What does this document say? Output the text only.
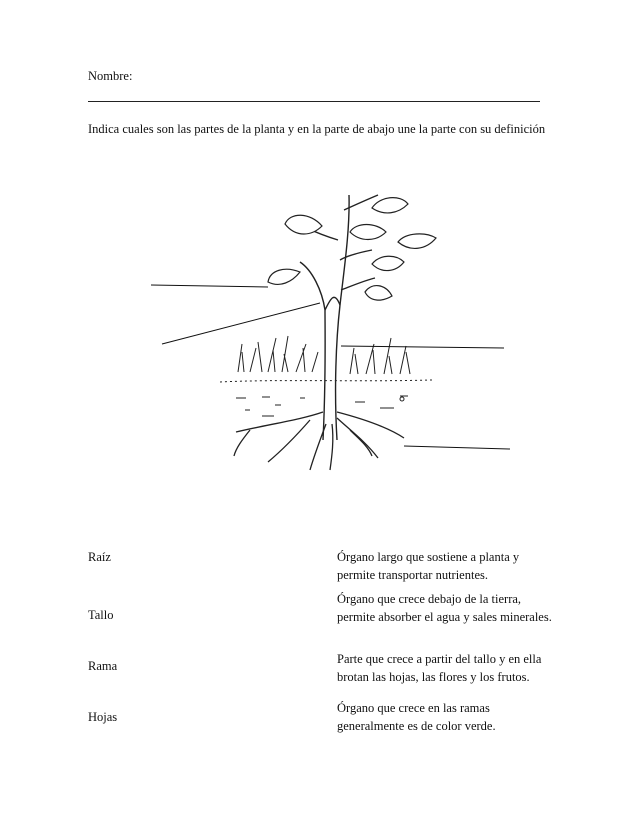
Nombre:
Indica cuales son las partes de la planta y en la parte de abajo une la parte con su definición
Raíz
Tallo
Rama
Hojas
Órgano largo que sostiene a planta y permite transportar nutrientes.
Órgano que crece debajo de la tierra, permite absorber el agua y sales minerales.
Parte que crece a partir del tallo y en ella brotan las hojas, las flores y los frutos.
Órgano que crece en las ramas generalmente es de color verde.
